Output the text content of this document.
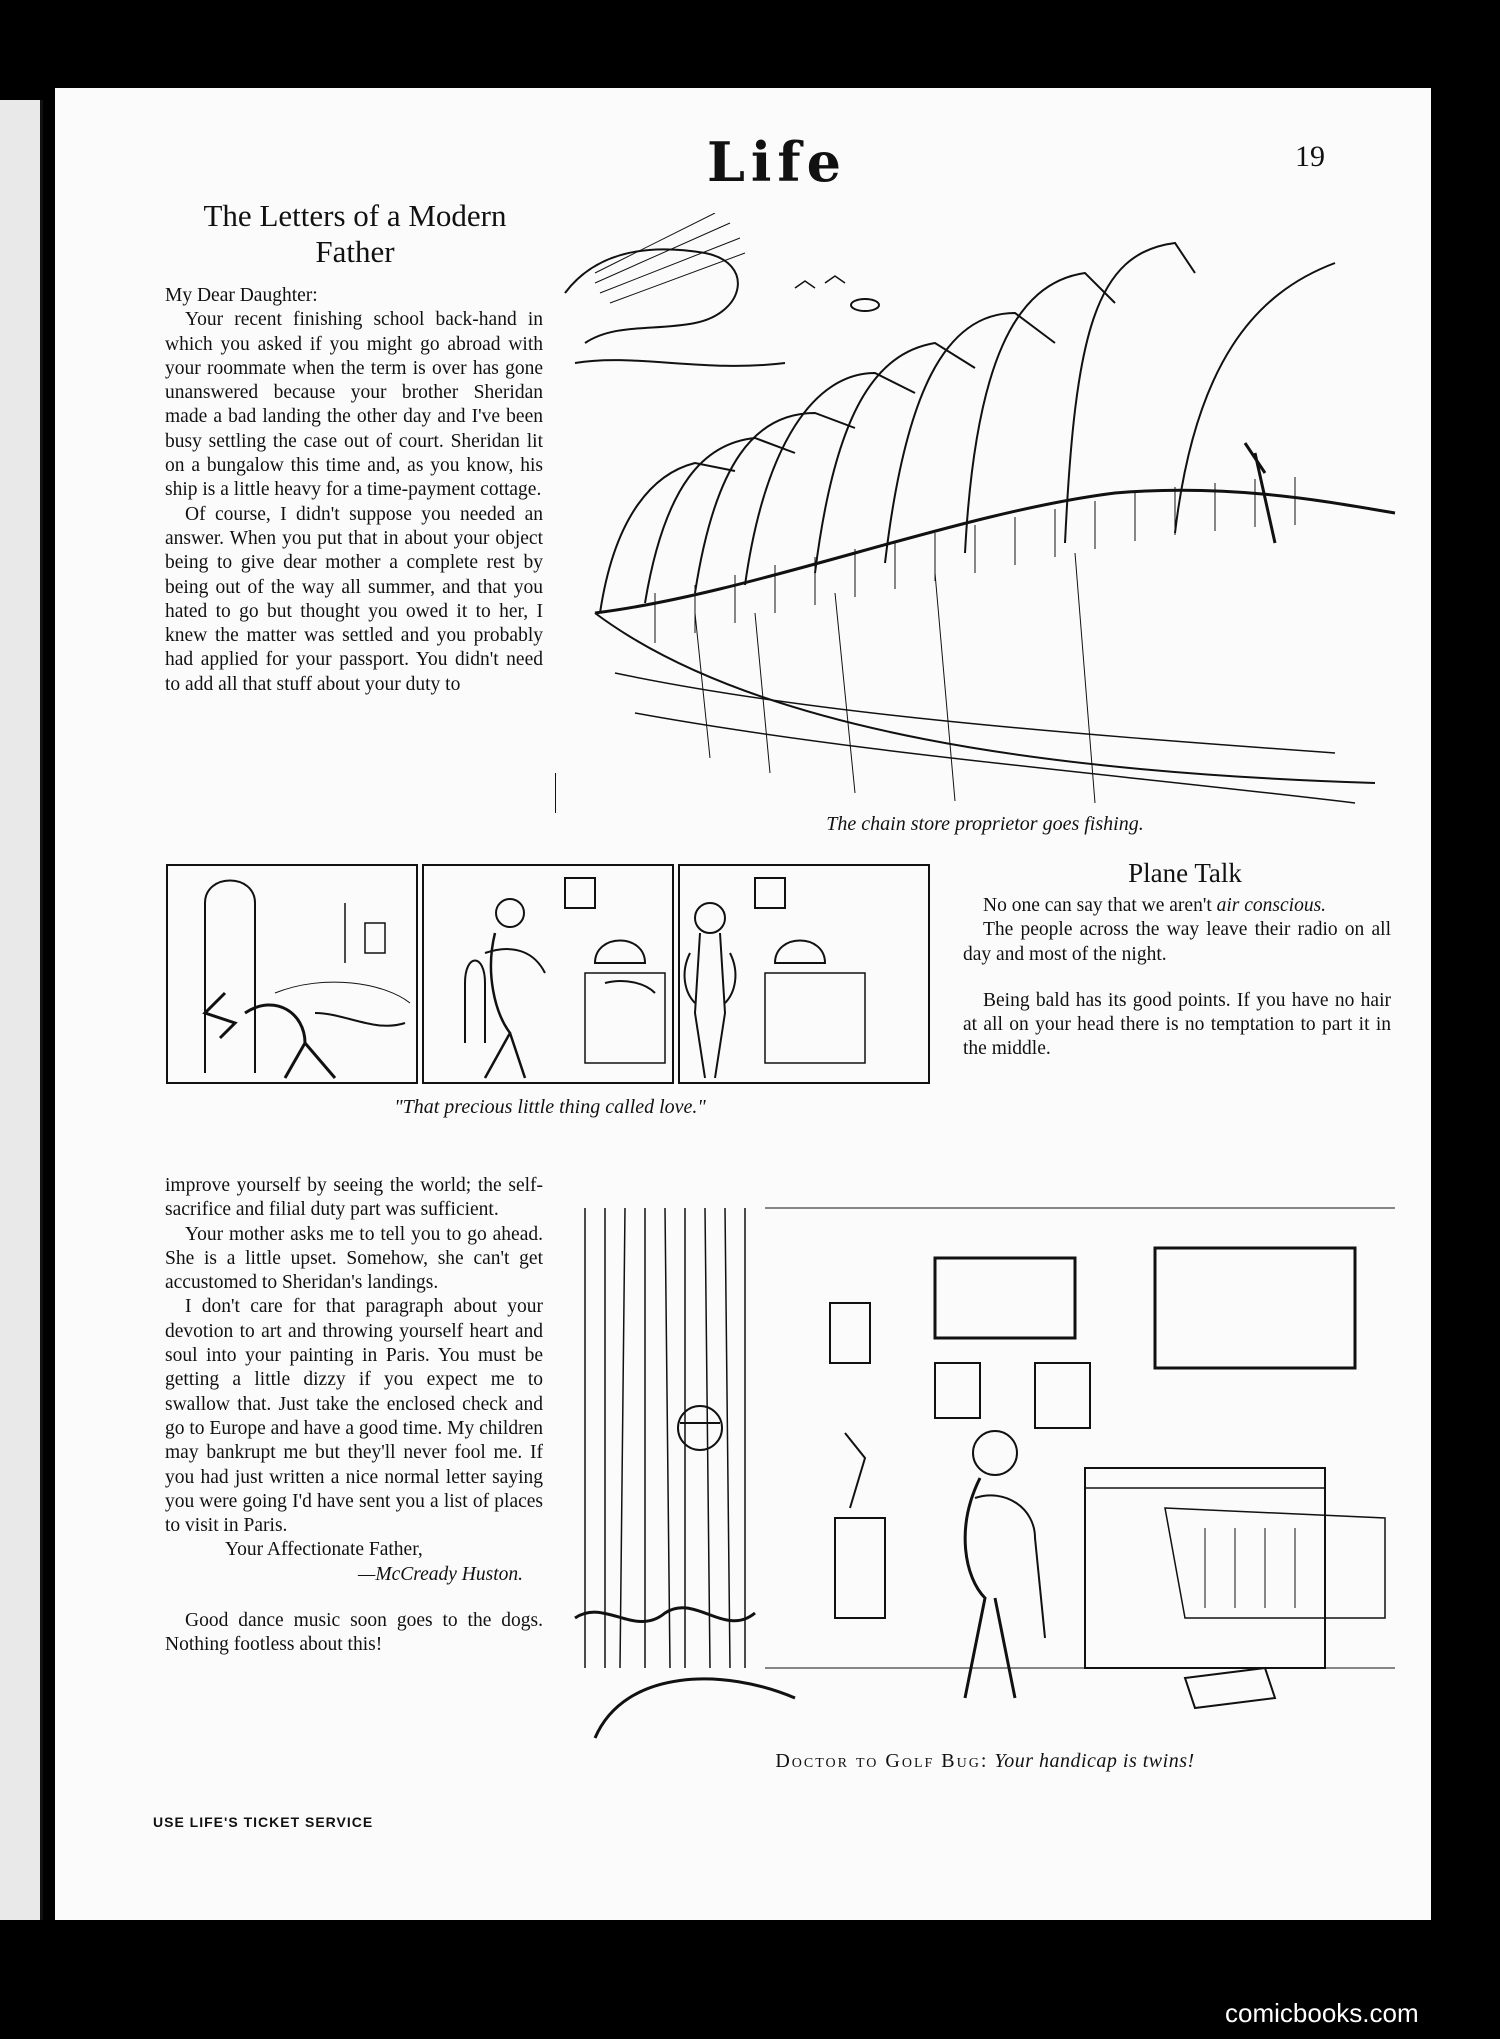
Life	19
The Letters of a Modern Father

My Dear Daughter:

Your recent finishing school back-hand in which you asked if you might go abroad with your roommate when the term is over has gone unanswered because your brother Sheridan made a bad landing the other day and I've been busy settling the case out of court. Sheridan lit on a bungalow this time and, as you know, his ship is a little heavy for a time-payment cottage.

Of course, I didn't suppose you needed an answer. When you put that in about your object being to give dear mother a complete rest by being out of the way all summer, and that you hated to go but thought you owed it to her, I knew the matter was settled and you probably had applied for your passport. You didn't need to add all that stuff about your duty to

improve yourself by seeing the world; the self-sacrifice and filial duty part was sufficient.

Your mother asks me to tell you to go ahead. She is a little upset. Somehow, she can't get accustomed to Sheridan's landings.

I don't care for that paragraph about your devotion to art and throwing yourself heart and soul into your painting in Paris. You must be getting a little dizzy if you expect me to swallow that. Just take the enclosed check and go to Europe and have a good time. My children may bankrupt me but they'll never fool me. If you had just written a nice normal letter saying you were going I'd have sent you a list of places to visit in Paris.

Your Affectionate Father,

—McCready Huston.

Good dance music soon goes to the dogs. Nothing footless about this!

The chain store proprietor goes fishing.
"That precious little thing called love."
Plane Talk

No one can say that we aren't air conscious.

The people across the way leave their radio on all day and most of the night.

Being bald has its good points. If you have no hair at all on your head there is no temptation to part it in the middle.

Doctor to Golf Bug: Your handicap is twins!
USE LIFE'S TICKET SERVICE
comicbooks.com
